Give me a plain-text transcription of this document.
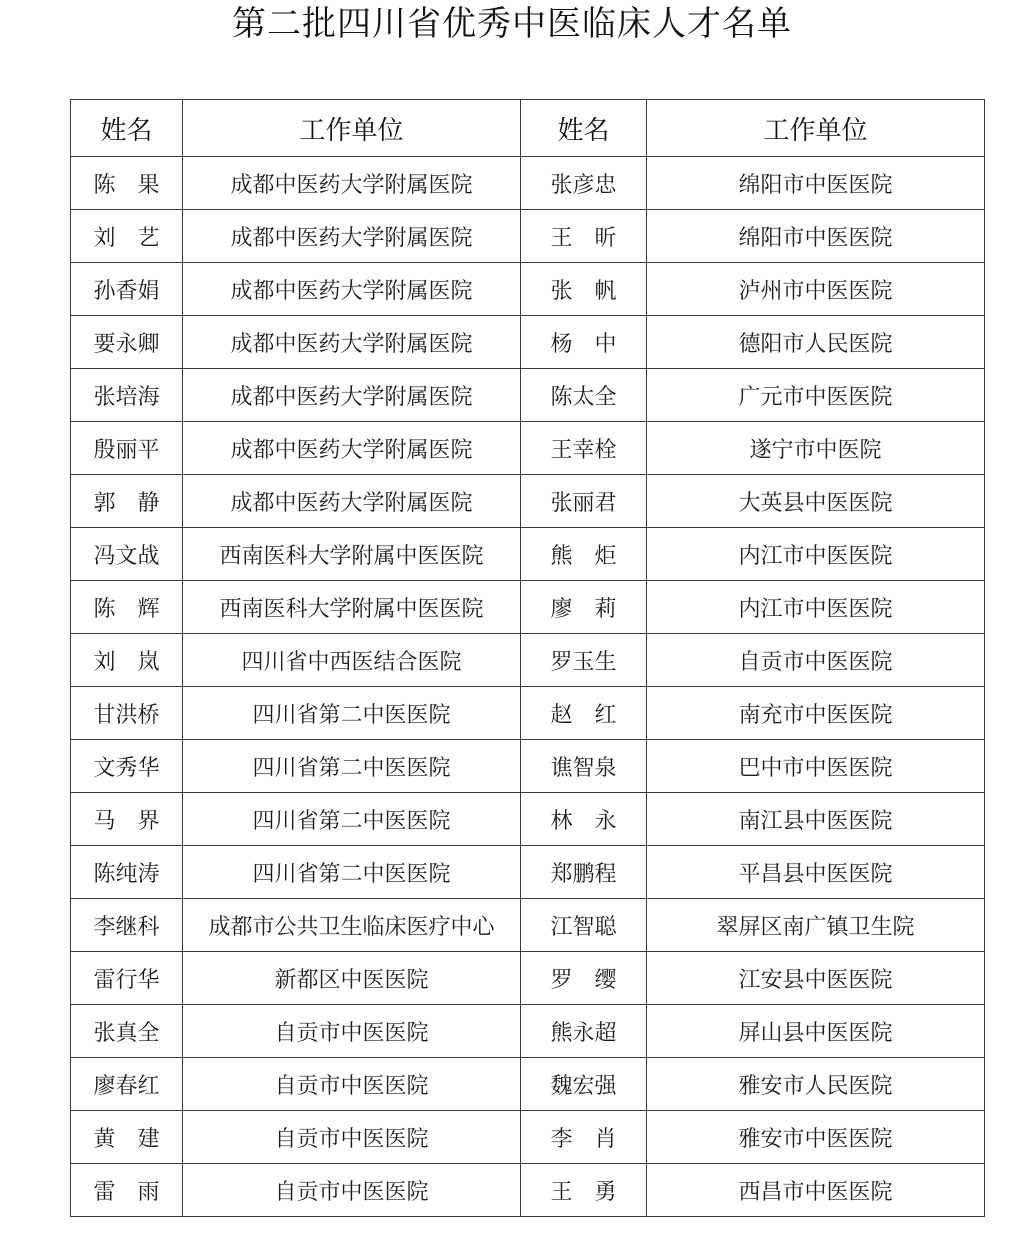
第二批四川省优秀中医临床人才名单
姓名	工作单位	姓名	工作单位
陈　果	成都中医药大学附属医院	张彦忠	绵阳市中医医院
刘　艺	成都中医药大学附属医院	王　昕	绵阳市中医医院
孙香娟	成都中医药大学附属医院	张　帆	泸州市中医医院
要永卿	成都中医药大学附属医院	杨　中	德阳市人民医院
张培海	成都中医药大学附属医院	陈太全	广元市中医医院
殷丽平	成都中医药大学附属医院	王幸栓	遂宁市中医院
郭　静	成都中医药大学附属医院	张丽君	大英县中医医院
冯文战	西南医科大学附属中医医院	熊　炬	内江市中医医院
陈　辉	西南医科大学附属中医医院	廖　莉	内江市中医医院
刘　岚	四川省中西医结合医院	罗玉生	自贡市中医医院
甘洪桥	四川省第二中医医院	赵　红	南充市中医医院
文秀华	四川省第二中医医院	谯智泉	巴中市中医医院
马　界	四川省第二中医医院	林　永	南江县中医医院
陈纯涛	四川省第二中医医院	郑鹏程	平昌县中医医院
李继科	成都市公共卫生临床医疗中心	江智聪	翠屏区南广镇卫生院
雷行华	新都区中医医院	罗　缨	江安县中医医院
张真全	自贡市中医医院	熊永超	屏山县中医医院
廖春红	自贡市中医医院	魏宏强	雅安市人民医院
黄　建	自贡市中医医院	李　肖	雅安市中医医院
雷　雨	自贡市中医医院	王　勇	西昌市中医医院
